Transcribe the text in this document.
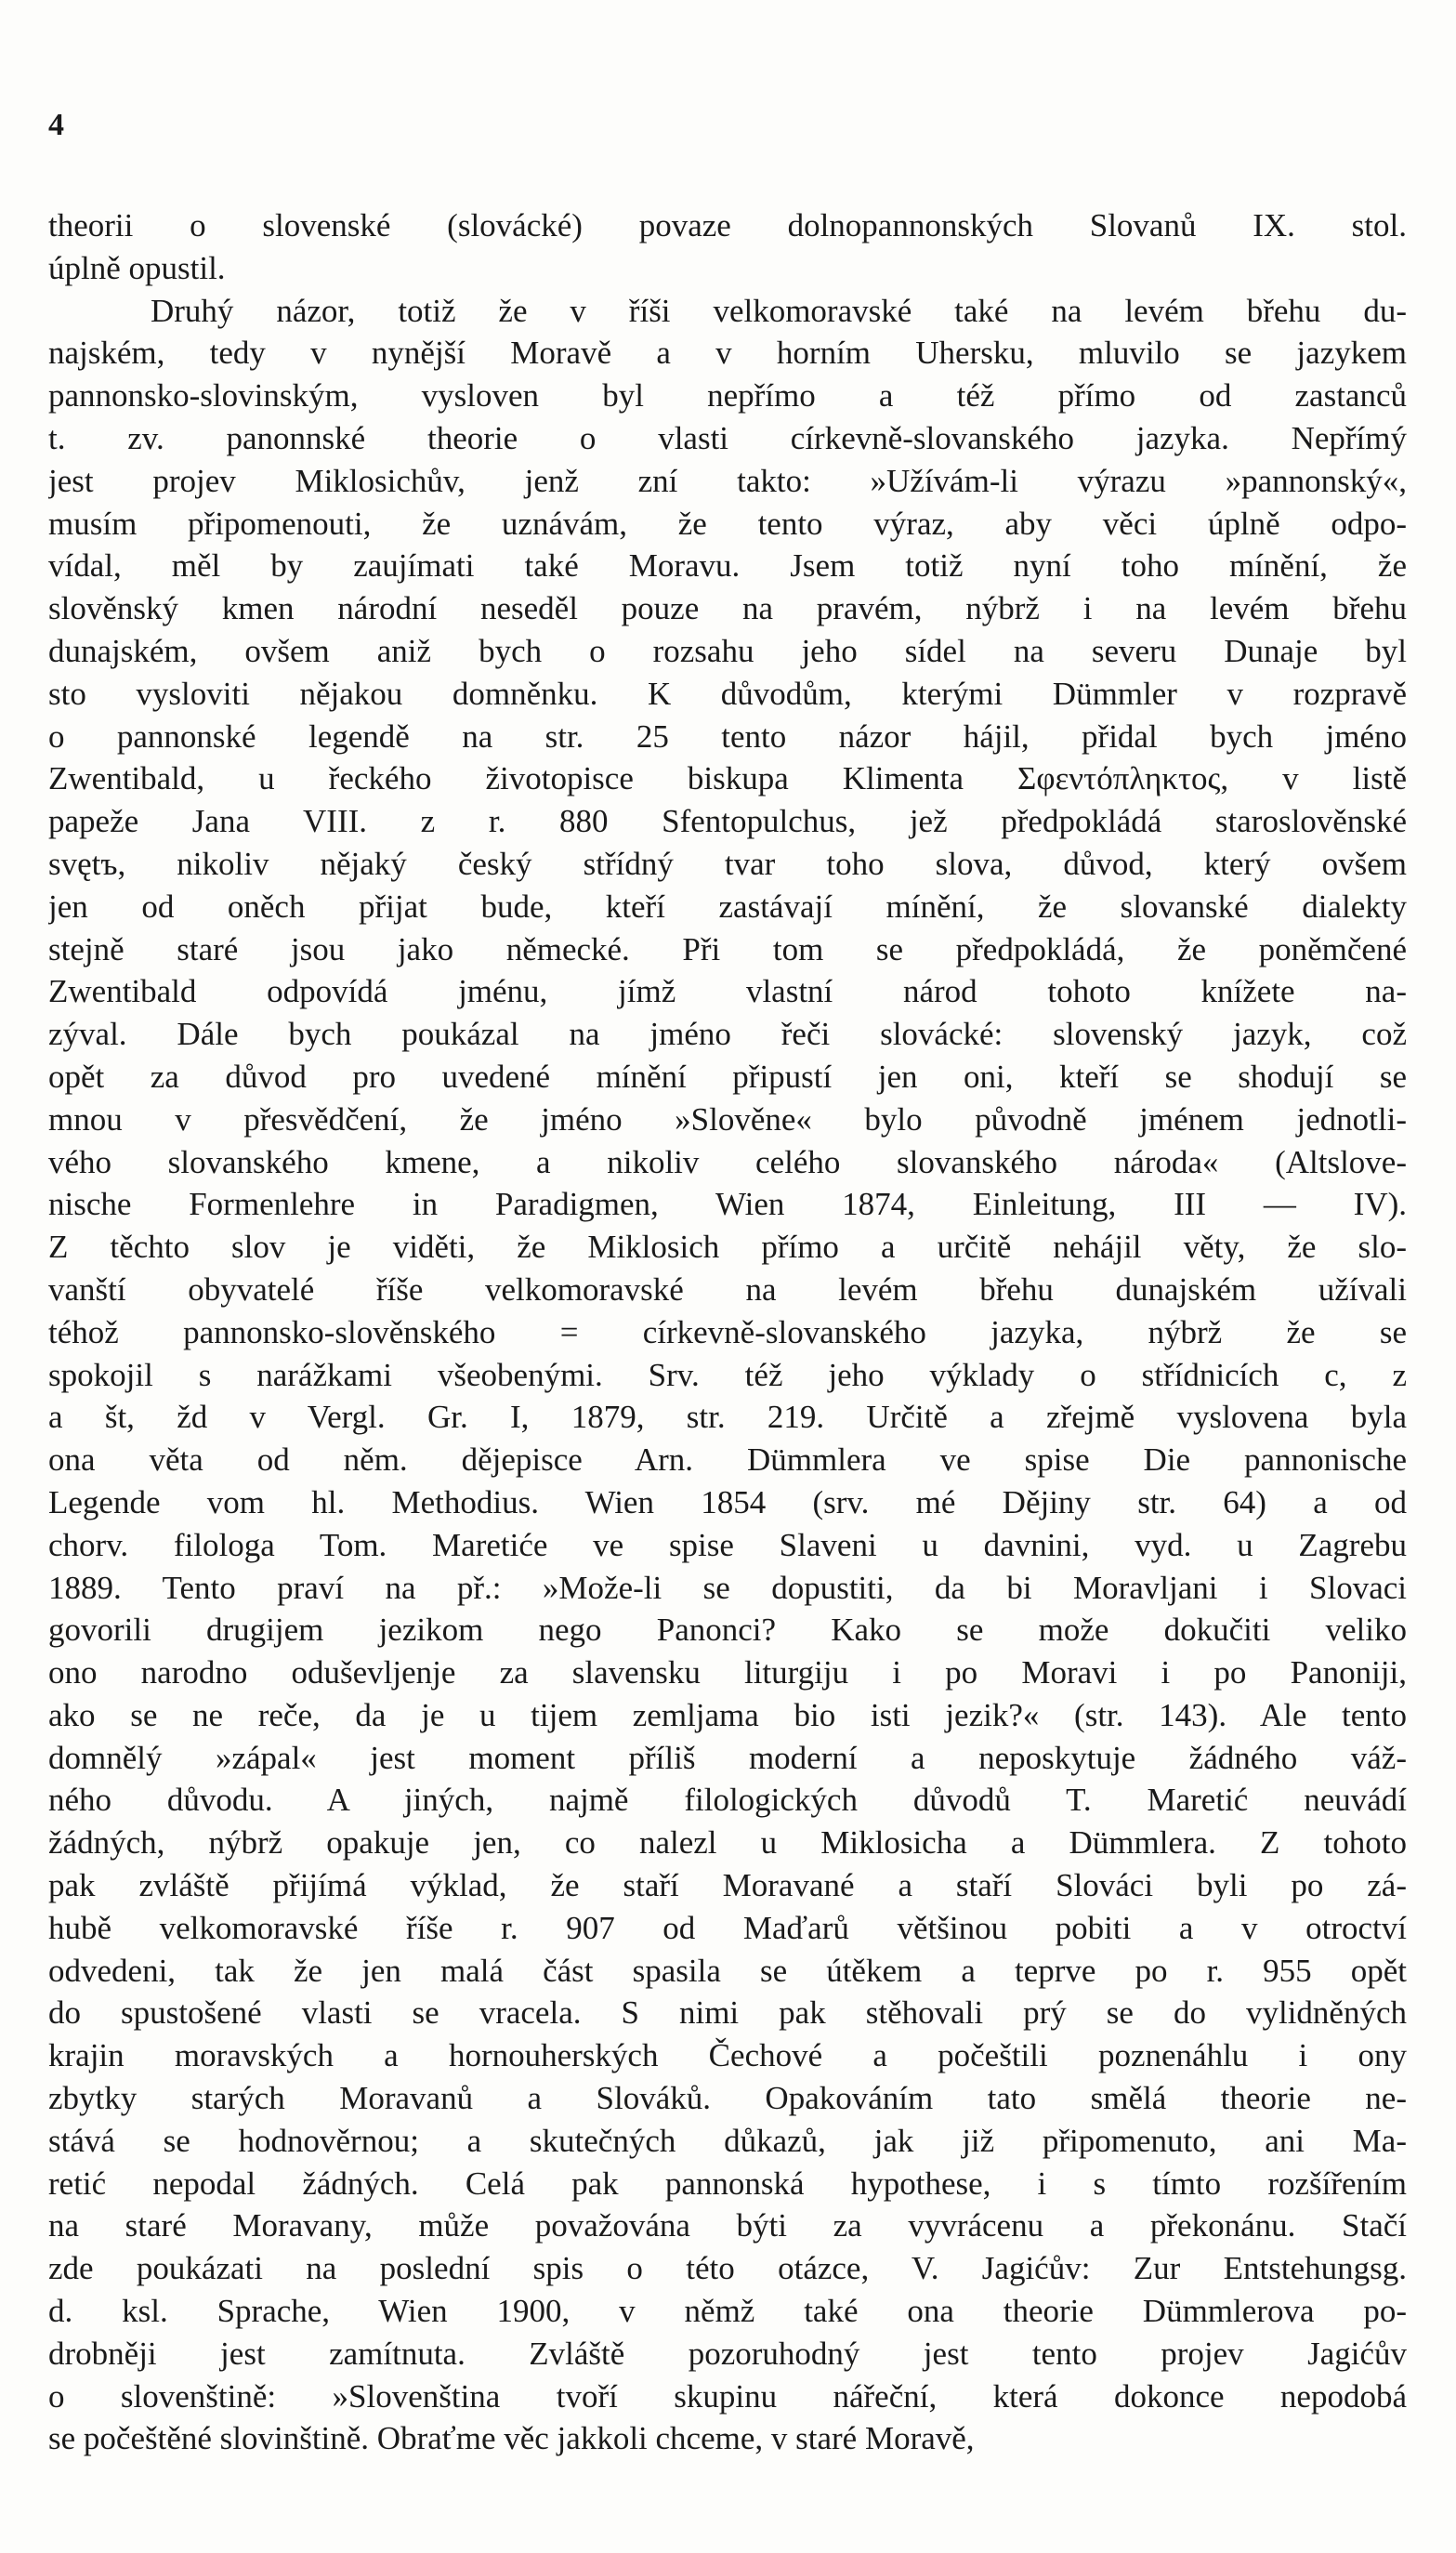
4
theorii o slovenské (slovácké) povaze dolnopannonských Slovanů IX. stol.
úplně opustil.
Druhý názor, totiž že v říši velkomoravské také na levém břehu du-
najském, tedy v nynější Moravě a v horním Uhersku, mluvilo se jazykem
pannonsko-slovinským, vysloven byl nepřímo a též přímo od zastanců
t. zv. panonnské theorie o vlasti církevně-slovanského jazyka. Nepřímý
jest projev Miklosichův, jenž zní takto: »Užívám-li výrazu »pannonský«,
musím připomenouti, že uznávám, že tento výraz, aby věci úplně odpo-
vídal, měl by zaujímati také Moravu. Jsem totiž nyní toho mínění, že
slověnský kmen národní neseděl pouze na pravém, nýbrž i na levém břehu
dunajském, ovšem aniž bych o rozsahu jeho sídel na severu Dunaje byl
sto vysloviti nějakou domněnku. K důvodům, kterými Dümmler v rozpravě
o pannonské legendě na str. 25 tento názor hájil, přidal bych jméno
Zwentibald, u řeckého životopisce biskupa Klimenta Σφεντόπληκτος, v listě
papeže Jana VIII. z r. 880 Sfentopulchus, jež předpokládá staroslověnské
svętъ, nikoliv nějaký český střídný tvar toho slova, důvod, který ovšem
jen od oněch přijat bude, kteří zastávají mínění, že slovanské dialekty
stejně staré jsou jako německé. Při tom se předpokládá, že poněmčené
Zwentibald odpovídá jménu, jímž vlastní národ tohoto knížete na-
zýval. Dále bych poukázal na jméno řeči slovácké: slovenský jazyk, což
opět za důvod pro uvedené mínění připustí jen oni, kteří se shodují se
mnou v přesvědčení, že jméno »Slověne« bylo původně jménem jednotli-
vého slovanského kmene, a nikoliv celého slovanského národa« (Altslove-
nische Formenlehre in Paradigmen, Wien 1874, Einleitung, III — IV).
Z těchto slov je viděti, že Miklosich přímo a určitě nehájil věty, že slo-
vanští obyvatelé říše velkomoravské na levém břehu dunajském užívali
téhož pannonsko-slověnského = církevně-slovanského jazyka, nýbrž že se
spokojil s narážkami všeobenými. Srv. též jeho výklady o střídnicích c, z
a št, žd v Vergl. Gr. I, 1879, str. 219. Určitě a zřejmě vyslovena byla
ona věta od něm. dějepisce Arn. Dümmlera ve spise Die pannonische
Legende vom hl. Methodius. Wien 1854 (srv. mé Dějiny str. 64) a od
chorv. filologa Tom. Maretiće ve spise Slaveni u davnini, vyd. u Zagrebu
1889. Tento praví na př.: »Može-li se dopustiti, da bi Moravljani i Slovaci
govorili drugijem jezikom nego Panonci? Kako se može dokučiti veliko
ono narodno oduševljenje za slavensku liturgiju i po Moravi i po Panoniji,
ako se ne reče, da je u tijem zemljama bio isti jezik?« (str. 143). Ale tento
domnělý »zápal« jest moment příliš moderní a neposkytuje žádného váž-
ného důvodu. A jiných, najmě filologických důvodů T. Maretić neuvádí
žádných, nýbrž opakuje jen, co nalezl u Miklosicha a Dümmlera. Z tohoto
pak zvláště přijímá výklad, že staří Moravané a staří Slováci byli po zá-
hubě velkomoravské říše r. 907 od Maďarů většinou pobiti a v otroctví
odvedeni, tak že jen malá část spasila se útěkem a teprve po r. 955 opět
do spustošené vlasti se vracela. S nimi pak stěhovali prý se do vylidněných
krajin moravských a hornouherských Čechové a počeštili poznenáhlu i ony
zbytky starých Moravanů a Slováků. Opakováním tato smělá theorie ne-
stává se hodnověrnou; a skutečných důkazů, jak již připomenuto, ani Ma-
retić nepodal žádných. Celá pak pannonská hypothese, i s tímto rozšířením
na staré Moravany, může považována býti za vyvrácenu a překonánu. Stačí
zde poukázati na poslední spis o této otázce, V. Jagićův: Zur Entstehungsg.
d. ksl. Sprache, Wien 1900, v němž také ona theorie Dümmlerova po-
drobněji jest zamítnuta. Zvláště pozoruhodný jest tento projev Jagićův
o slovenštině: »Slovenština tvoří skupinu nářeční, která dokonce nepodobá
se počeštěné slovinštině. Obraťme věc jakkoli chceme, v staré Moravě,
